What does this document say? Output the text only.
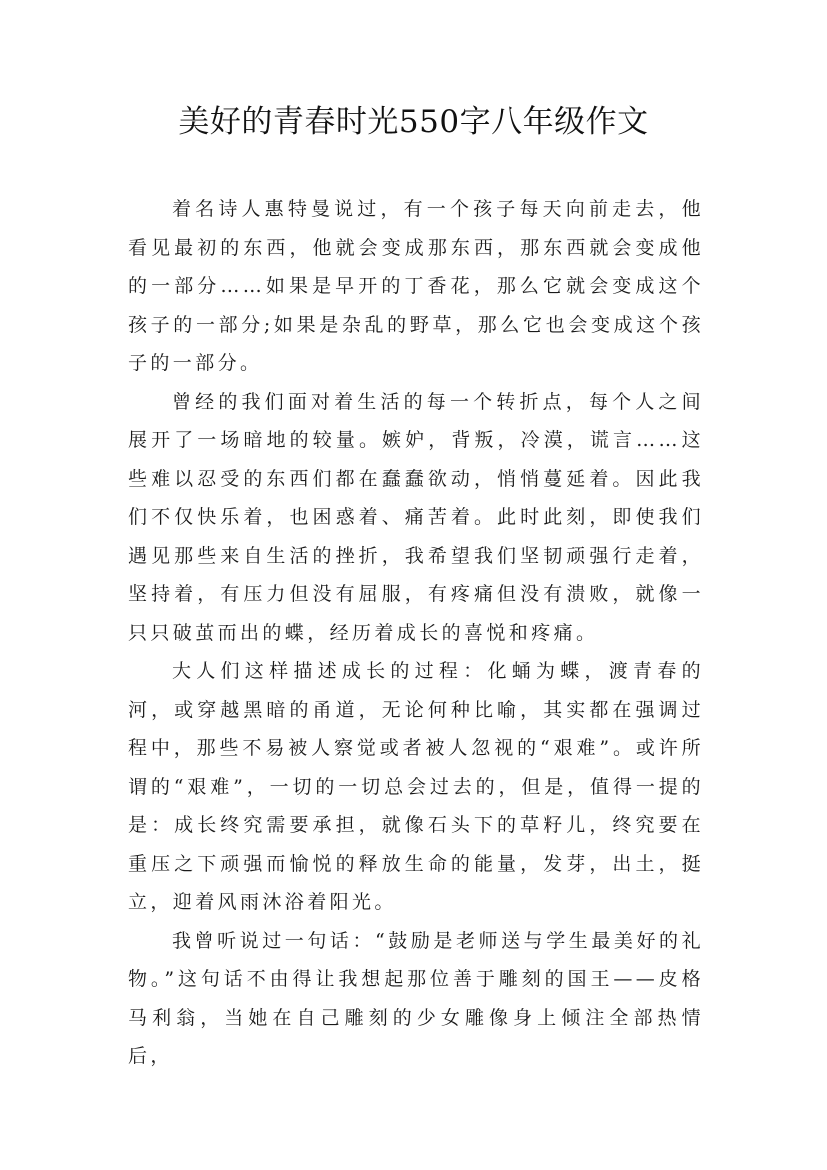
美好的青春时光550字八年级作文

着名诗人惠特曼说过，有一个孩子每天向前走去，他看见最初的东西，他就会变成那东西，那东西就会变成他的一部分……如果是早开的丁香花，那么它就会变成这个孩子的一部分;如果是杂乱的野草，那么它也会变成这个孩子的一部分。

曾经的我们面对着生活的每一个转折点，每个人之间展开了一场暗地的较量。嫉妒，背叛，冷漠，谎言……这些难以忍受的东西们都在蠢蠢欲动，悄悄蔓延着。因此我们不仅快乐着，也困惑着、痛苦着。此时此刻，即使我们遇见那些来自生活的挫折，我希望我们坚韧顽强行走着，坚持着，有压力但没有屈服，有疼痛但没有溃败，就像一只只破茧而出的蝶，经历着成长的喜悦和疼痛。

大人们这样描述成长的过程：化蛹为蝶，渡青春的河，或穿越黑暗的甬道，无论何种比喻，其实都在强调过程中，那些不易被人察觉或者被人忽视的“艰难”。或许所谓的“艰难”，一切的一切总会过去的，但是，值得一提的是：成长终究需要承担，就像石头下的草籽儿，终究要在重压之下顽强而愉悦的释放生命的能量，发芽，出土，挺立，迎着风雨沐浴着阳光。

我曾听说过一句话：“鼓励是老师送与学生最美好的礼物。”这句话不由得让我想起那位善于雕刻的国王——皮格马利翁，当她在自己雕刻的少女雕像身上倾注全部热情后，
